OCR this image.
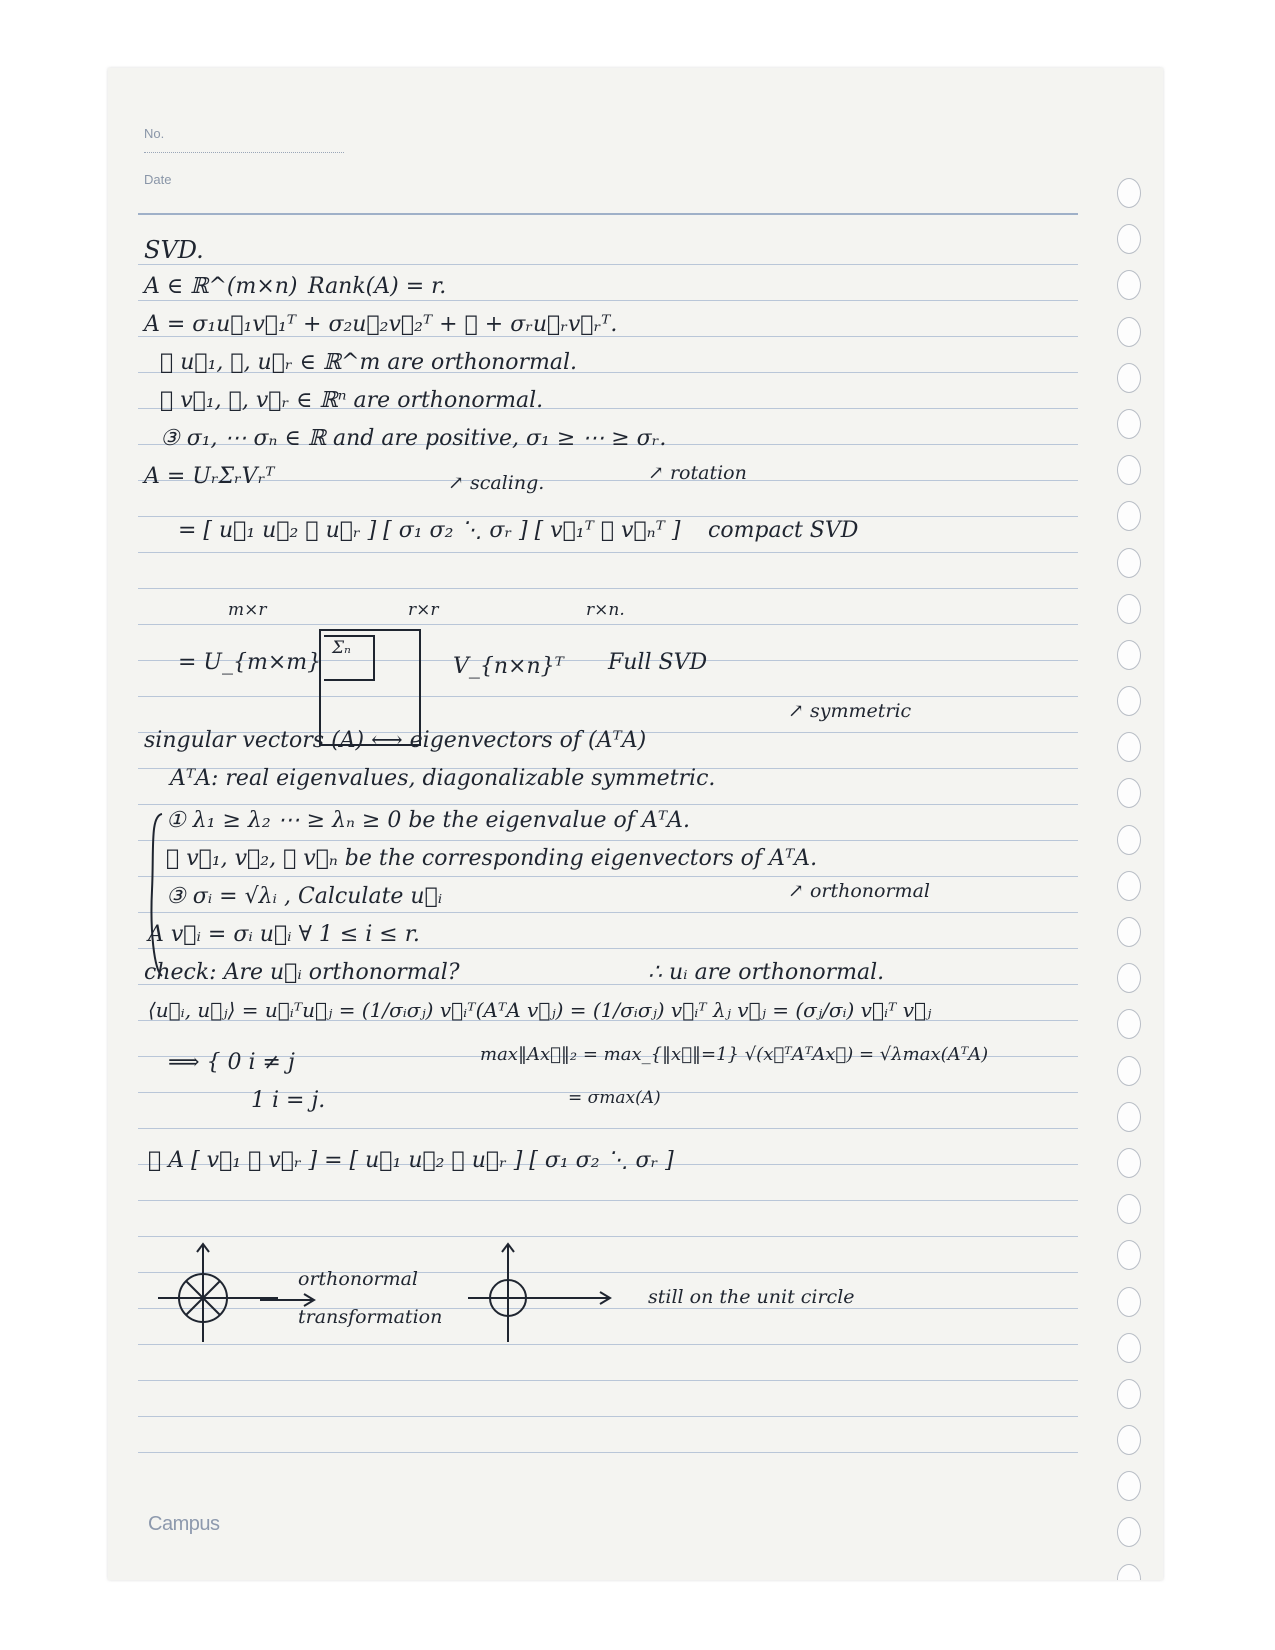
No.
Date
SVD.
A ∈ ℝ^(m×n) Rank(A) = r.
A = σ₁u⃗₁v⃗₁ᵀ + σ₂u⃗₂v⃗₂ᵀ + ⋯ + σᵣu⃗ᵣv⃗ᵣᵀ.
① u⃗₁, ⋯, u⃗ᵣ ∈ ℝ^m are orthonormal.
② v⃗₁, ⋯, v⃗ᵣ ∈ ℝⁿ are orthonormal.
③ σ₁, ⋯ σₙ ∈ ℝ and are positive, σ₁ ≥ ⋯ ≥ σᵣ.
A = UᵣΣᵣVᵣᵀ	↗ scaling.	↗ rotation
= [ u⃗₁ u⃗₂ ⋯ u⃗ᵣ ] [ σ₁ σ₂ ⋱ σᵣ ] [ v⃗₁ᵀ ⋮ v⃗ₙᵀ ] compact SVD
m×r	r×r	r×n.
= U_{m×m}
Σₙ
V_{n×n}ᵀ Full SVD
↗ symmetric
singular vectors (A) ⟷ eigenvectors of (AᵀA)
AᵀA: real eigenvalues, diagonalizable symmetric.
① λ₁ ≥ λ₂ ⋯ ≥ λₙ ≥ 0 be the eigenvalue of AᵀA.
② v⃗₁, v⃗₂, ⋯ v⃗ₙ be the corresponding eigenvectors of AᵀA.
↗ orthonormal
③ σᵢ = √λᵢ , Calculate u⃗ᵢ
A v⃗ᵢ = σᵢ u⃗ᵢ ∀ 1 ≤ i ≤ r.
check: Are u⃗ᵢ orthonormal?	∴ uᵢ are orthonormal.
⟨u⃗ᵢ, u⃗ⱼ⟩ = u⃗ᵢᵀu⃗ⱼ = (1/σᵢσⱼ) v⃗ᵢᵀ(AᵀA v⃗ⱼ) = (1/σᵢσⱼ) v⃗ᵢᵀ λⱼ v⃗ⱼ = (σⱼ/σᵢ) v⃗ᵢᵀ v⃗ⱼ
⟹ { 0 i ≠ j	max‖Ax⃗‖₂ = max_{‖x⃗‖=1} √(x⃗ᵀAᵀAx⃗) = √λmax(AᵀA)
1 i = j.	= σmax(A)
④ A [ v⃗₁ ⋯ v⃗ᵣ ] = [ u⃗₁ u⃗₂ ⋯ u⃗ᵣ ] [ σ₁ σ₂ ⋱ σᵣ ]
orthonormal
transformation
still on the unit circle
Campus
